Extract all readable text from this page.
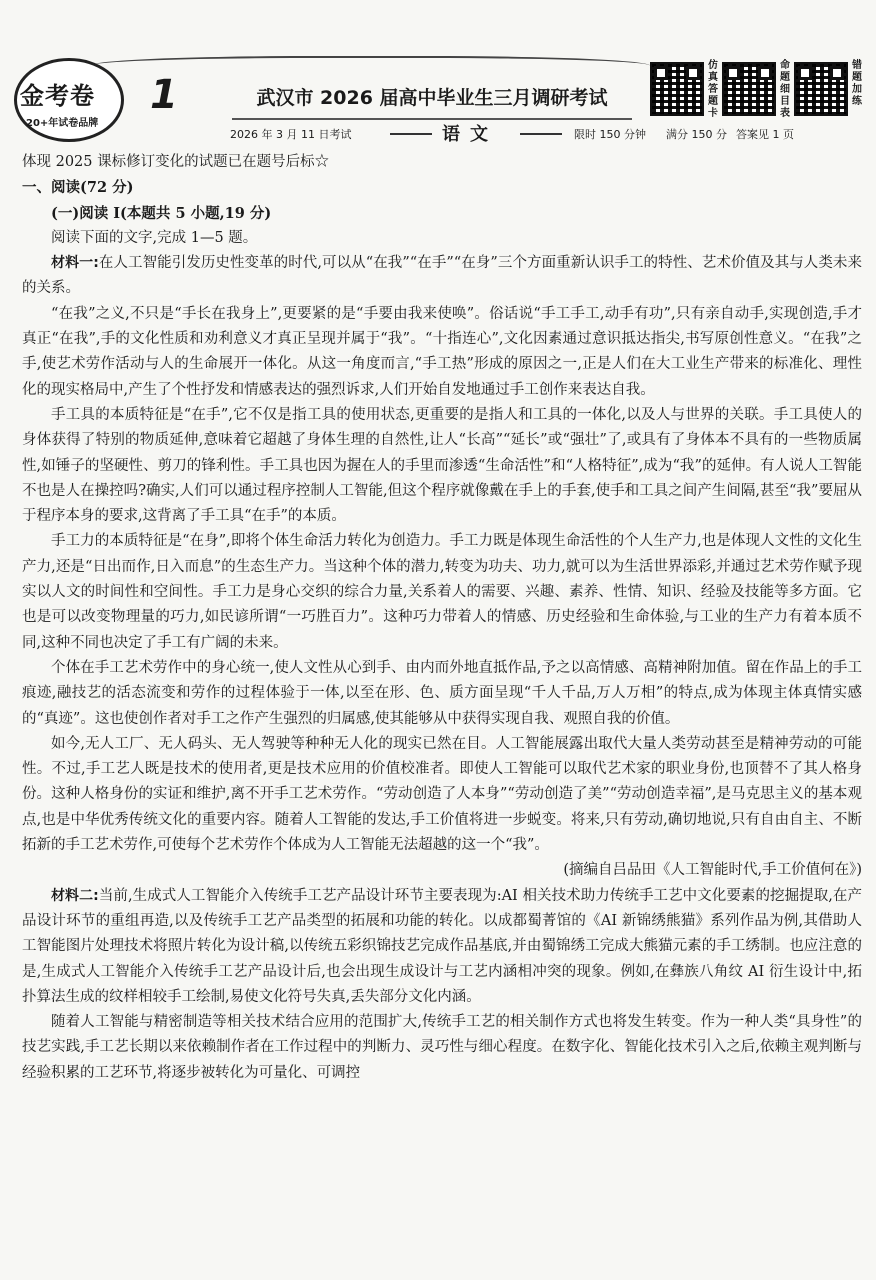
金考卷
20+年试卷品牌
1	武汉市 2026 届高中毕业生三月调研考试
仿真答题卡
命题细目表
错题加练
2026 年 3 月 11 日考试	语文	限时 150 分钟 满分 150 分 答案见 1 页

体现 2025 课标修订变化的试题已在题号后标☆

一、阅读(72 分)

(一)阅读 Ⅰ(本题共 5 小题,19 分)

阅读下面的文字,完成 1—5 题。

材料一:在人工智能引发历史性变革的时代,可以从“在我”“在手”“在身”三个方面重新认识手工的特性、艺术价值及其与人类未来的关系。

“在我”之义,不只是“手长在我身上”,更要紧的是“手要由我来使唤”。俗话说“手工手工,动手有功”,只有亲自动手,实现创造,手才真正“在我”,手的文化性质和劝利意义才真正呈现并属于“我”。“十指连心”,文化因素通过意识抵达指尖,书写原创性意义。“在我”之手,使艺术劳作活动与人的生命展开一体化。从这一角度而言,“手工热”形成的原因之一,正是人们在大工业生产带来的标准化、理性化的现实格局中,产生了个性抒发和情感表达的强烈诉求,人们开始自发地通过手工创作来表达自我。

手工具的本质特征是“在手”,它不仅是指工具的使用状态,更重要的是指人和工具的一体化,以及人与世界的关联。手工具使人的身体获得了特别的物质延伸,意味着它超越了身体生理的自然性,让人“长高”“延长”或“强壮”了,或具有了身体本不具有的一些物质属性,如锤子的坚硬性、剪刀的锋利性。手工具也因为握在人的手里而渗透“生命活性”和“人格特征”,成为“我”的延伸。有人说人工智能不也是人在操控吗?确实,人们可以通过程序控制人工智能,但这个程序就像戴在手上的手套,使手和工具之间产生间隔,甚至“我”要屈从于程序本身的要求,这背离了手工具“在手”的本质。

手工力的本质特征是“在身”,即将个体生命活力转化为创造力。手工力既是体现生命活性的个人生产力,也是体现人文性的文化生产力,还是“日出而作,日入而息”的生态生产力。当这种个体的潜力,转变为功夫、功力,就可以为生活世界添彩,并通过艺术劳作赋予现实以人文的时间性和空间性。手工力是身心交织的综合力量,关系着人的需要、兴趣、素养、性情、知识、经验及技能等多方面。它也是可以改变物理量的巧力,如民谚所谓“一巧胜百力”。这种巧力带着人的情感、历史经验和生命体验,与工业的生产力有着本质不同,这种不同也决定了手工有广阔的未来。

个体在手工艺术劳作中的身心统一,使人文性从心到手、由内而外地直抵作品,予之以高情感、高精神附加值。留在作品上的手工痕迹,融技艺的活态流变和劳作的过程体验于一体,以至在形、色、质方面呈现“千人千品,万人万相”的特点,成为体现主体真情实感的“真迹”。这也使创作者对手工之作产生强烈的归属感,使其能够从中获得实现自我、观照自我的价值。

如今,无人工厂、无人码头、无人驾驶等种种无人化的现实已然在目。人工智能展露出取代大量人类劳动甚至是精神劳动的可能性。不过,手工艺人既是技术的使用者,更是技术应用的价值校准者。即使人工智能可以取代艺术家的职业身份,也顶替不了其人格身份。这种人格身份的实证和维护,离不开手工艺术劳作。“劳动创造了人本身”“劳动创造了美”“劳动创造幸福”,是马克思主义的基本观点,也是中华优秀传统文化的重要内容。随着人工智能的发达,手工价值将进一步蜕变。将来,只有劳动,确切地说,只有自由自主、不断拓新的手工艺术劳作,可使每个艺术劳作个体成为人工智能无法超越的这一个“我”。

(摘编自吕品田《人工智能时代,手工价值何在》)

材料二:当前,生成式人工智能介入传统手工艺产品设计环节主要表现为:AI 相关技术助力传统手工艺中文化要素的挖掘提取,在产品设计环节的重组再造,以及传统手工艺产品类型的拓展和功能的转化。以成都蜀菁馆的《AI 新锦绣熊猫》系列作品为例,其借助人工智能图片处理技术将照片转化为设计稿,以传统五彩织锦技艺完成作品基底,并由蜀锦绣工完成大熊猫元素的手工绣制。也应注意的是,生成式人工智能介入传统手工艺产品设计后,也会出现生成设计与工艺内涵相冲突的现象。例如,在彝族八角纹 AI 衍生设计中,拓扑算法生成的纹样相较手工绘制,易使文化符号失真,丢失部分文化内涵。

随着人工智能与精密制造等相关技术结合应用的范围扩大,传统手工艺的相关制作方式也将发生转变。作为一种人类“具身性”的技艺实践,手工艺长期以来依赖制作者在工作过程中的判断力、灵巧性与细心程度。在数字化、智能化技术引入之后,依赖主观判断与经验积累的工艺环节,将逐步被转化为可量化、可调控
